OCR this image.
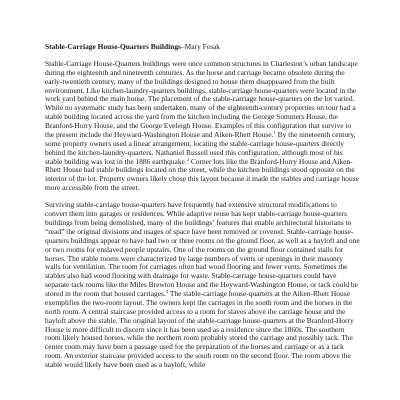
Stable-Carriage House-Quarters Buildings–Mary Fesak

Stable-Carriage House-Quarters buildings were once common structures in Charleston’s urban landscape during the eighteenth and nineteenth centuries. As the horse and carriage became obsolete during the early-twentieth century, many of the buildings designed to house them disappeared from the built environment. Like kitchen-laundry-quarters buildings, stable-carriage house-quarters were located in the work yard behind the main house. The placement of the stable-carriage house-quarters on the lot varied. While no systematic study has been undertaken, many of the eighteenth-century properties on tour had a stable building located across the yard from the kitchen including the George Sommers House, the Branford-Horry House, and the George Eveleigh House. Examples of this configuration that survive to the present include the Heyward-Washington House and Aiken-Rhett House.$^1$ By the nineteenth century, some property owners used a linear arrangement, locating the stable-carriage house-quarters directly behind the kitchen-laundry-quarters. Nathaniel Russell used this configuration, although most of his stable building was lost in the 1886 earthquake.$^2$ Corner lots like the Branford-Horry House and Aiken-Rhett House had stable buildings located on the street, while the kitchen buildings stood opposite on the interior of the lot. Property owners likely chose this layout because it made the stables and carriage house more accessible from the street.

Surviving stable-carriage house-quarters have frequently had extensive structural modifications to convert them into garages or residences. While adaptive reuse has kept stable-carriage house-quarters buildings from being demolished, many of the buildings’ features that enable architectural historians to “read” the original divisions and usages of space have been removed or covered. Stable-carriage house-quarters buildings appear to have had two or three rooms on the ground floor, as well as a hayloft and one or two rooms for enslaved people upstairs. One of the rooms on the ground floor contained stalls for horses. The stable rooms were characterized by large numbers of vents or openings in their masonry walls for ventilation. The room for carriages often had wood flooring and fewer vents. Sometimes the stables also had wood flooring with drainage for waste. Stable-carriage house-quarters could have separate tack rooms like the Miles Brewton House and the Heyward-Washington House, or tack could be stored in the room that housed carriages.$^3$ The stable-carriage house-quarters at the Aiken-Rhett House exemplifies the two-room layout. The owners kept the carriages in the south room and the horses in the north room. A central staircase provided access to a room for slaves above the carriage house and the hayloft above the stable. The original layout of the stable-carriage house-quarters at the Branford-Horry House is more difficult to discern since it has been used as a residence since the 1860s. The southern room likely housed horses, while the northern room probably stored the carriage and possibly tack. The center room may have been a passage used for the preparation of the horses and carriage or as a tack room. An exterior staircase provided access to the south room on the second floor. The room above the stable would likely have been used as a hayloft, while
